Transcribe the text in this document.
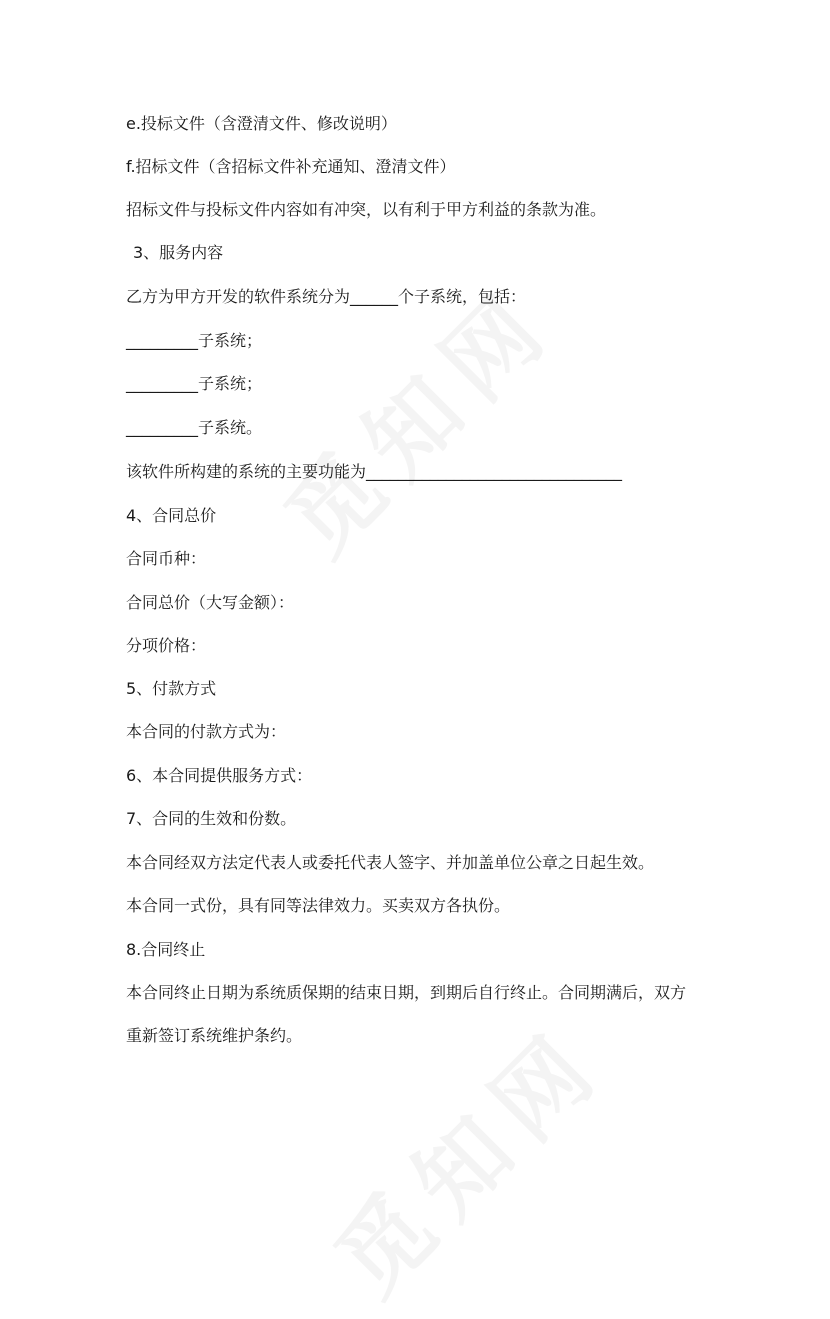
e.投标文件（含澄清文件、修改说明）
f.招标文件（含招标文件补充通知、澄清文件）
招标文件与投标文件内容如有冲突，以有利于甲方利益的条款为准。
3、服务内容
乙方为甲方开发的软件系统分为______个子系统，包括：
_________子系统；
_________子系统；
_________子系统。
该软件所构建的系统的主要功能为________________________________
4、合同总价
合同币种：
合同总价（大写金额）：
分项价格：
5、付款方式
本合同的付款方式为：
6、本合同提供服务方式：
7、合同的生效和份数。
本合同经双方法定代表人或委托代表人签字、并加盖单位公章之日起生效。
本合同一式份，具有同等法律效力。买卖双方各执份。
8.合同终止
本合同终止日期为系统质保期的结束日期，到期后自行终止。合同期满后，双方
重新签订系统维护条约。
